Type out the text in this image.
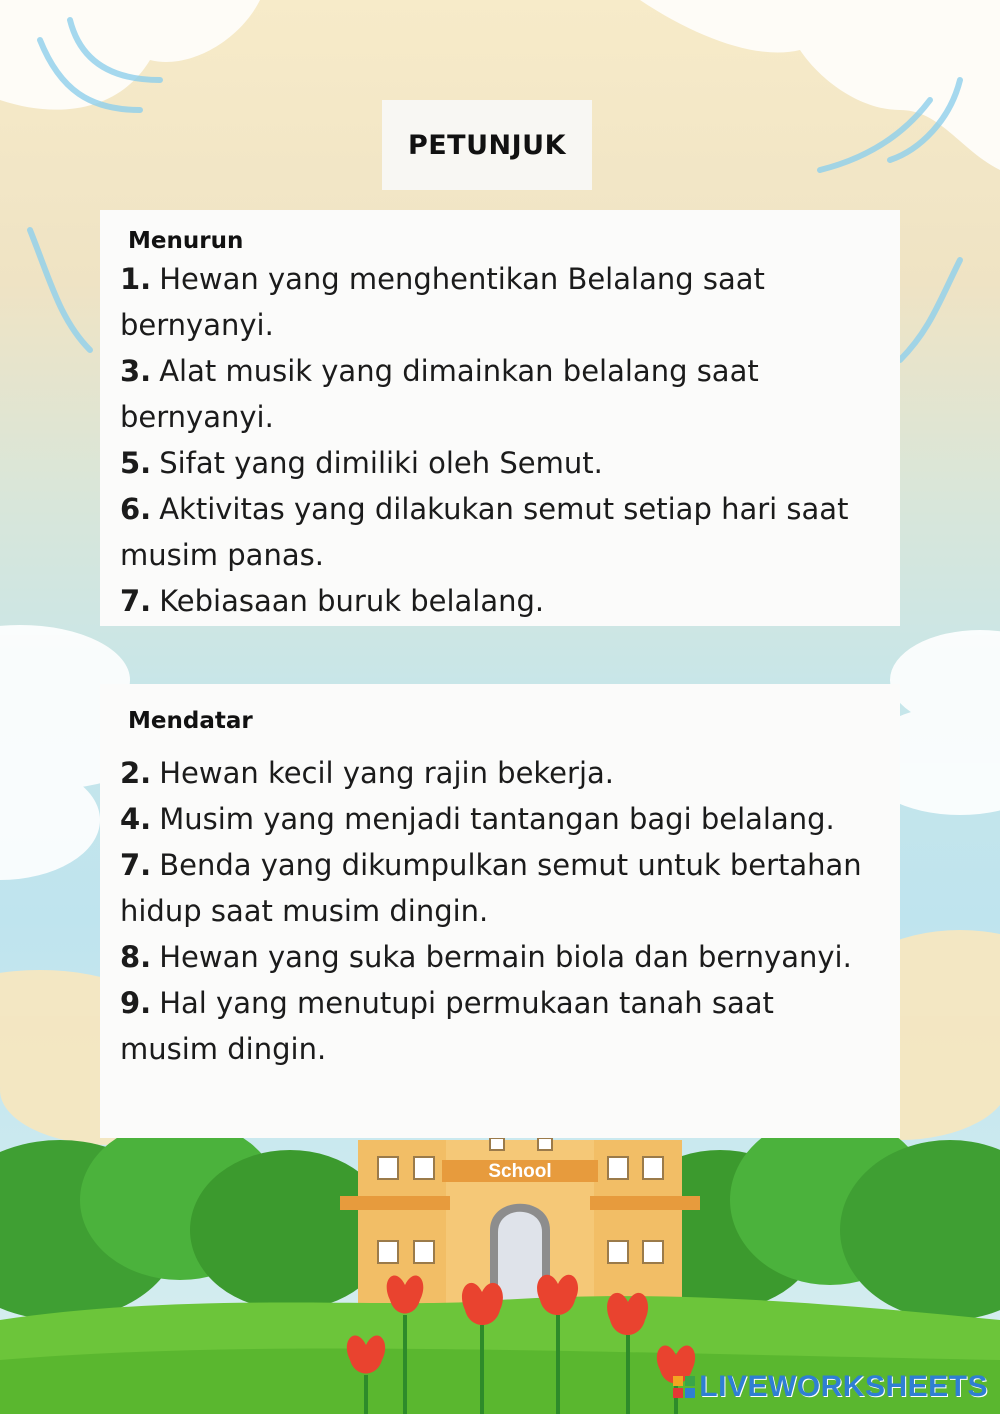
PETUNJUK
Menurun
1. Hewan yang menghentikan Belalang saat bernyanyi.
3. Alat musik yang dimainkan belalang saat bernyanyi.
5. Sifat yang dimiliki oleh Semut.
6. Aktivitas yang dilakukan semut setiap hari saat musim panas.
7. Kebiasaan buruk belalang.
Mendatar
2. Hewan kecil yang rajin bekerja.
4. Musim yang menjadi tantangan bagi belalang.
7. Benda yang dikumpulkan semut untuk bertahan hidup saat musim dingin.
8. Hewan yang suka bermain biola dan bernyanyi.
9. Hal yang menutupi permukaan tanah saat musim dingin.
School
LIVEWORKSHEETS
